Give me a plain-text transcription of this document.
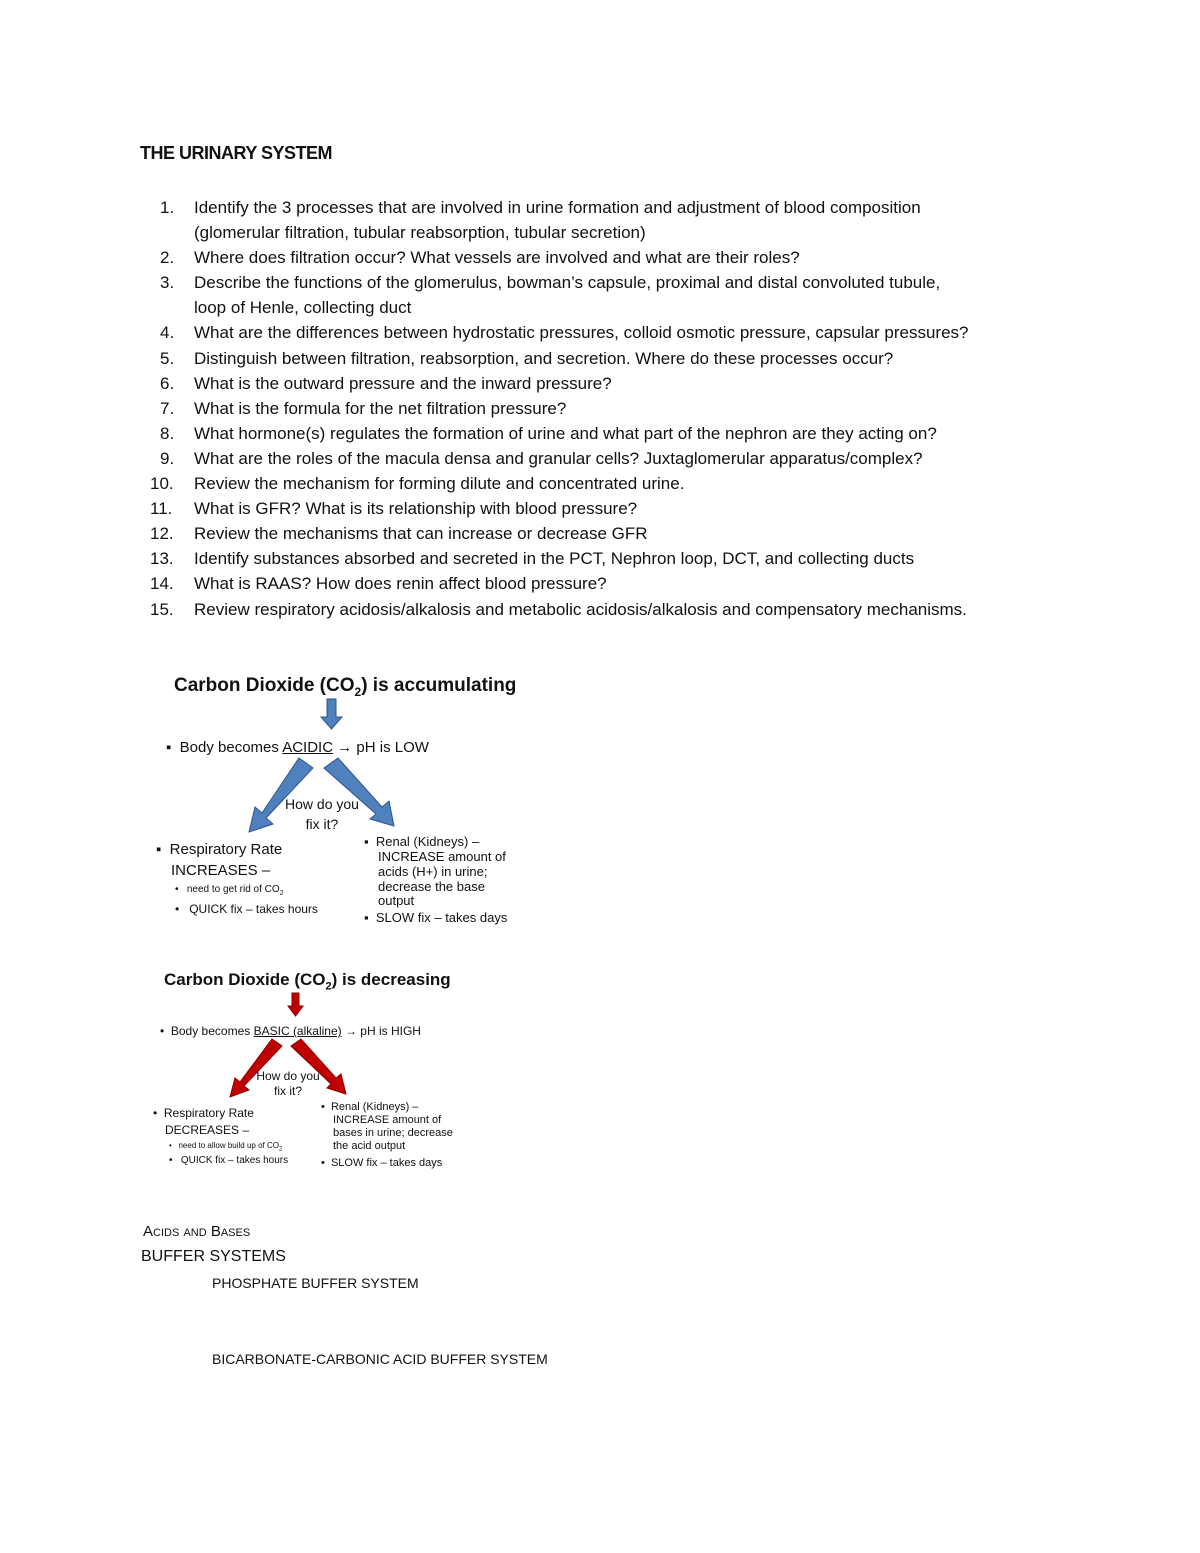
THE URINARY SYSTEM
1.	Identify the 3 processes that are involved in urine formation and adjustment of blood composition
(glomerular filtration, tubular reabsorption, tubular secretion)
2.	Where does filtration occur? What vessels are involved and what are their roles?
3.	Describe the functions of the glomerulus, bowman’s capsule, proximal and distal convoluted tubule,
loop of Henle, collecting duct
4.	What are the differences between hydrostatic pressures, colloid osmotic pressure, capsular pressures?
5.	Distinguish between filtration, reabsorption, and secretion. Where do these processes occur?
6.	What is the outward pressure and the inward pressure?
7.	What is the formula for the net filtration pressure?
8.	What hormone(s) regulates the formation of urine and what part of the nephron are they acting on?
9.	What are the roles of the macula densa and granular cells? Juxtaglomerular apparatus/complex?
10.	Review the mechanism for forming dilute and concentrated urine.
11.	What is GFR? What is its relationship with blood pressure?
12.	Review the mechanisms that can increase or decrease GFR
13.	Identify substances absorbed and secreted in the PCT, Nephron loop, DCT, and collecting ducts
14.	What is RAAS? How does renin affect blood pressure?
15.	Review respiratory acidosis/alkalosis and metabolic acidosis/alkalosis and compensatory mechanisms.
Carbon Dioxide $(CO_2)$ is accumulating
▪  Body becomes ACIDIC → pH is LOW
How do you
fix it?
▪  Respiratory Rate
INCREASES –
•   need to get rid of $CO_2$
•   QUICK fix – takes hours
▪  Renal (Kidneys) –
INCREASE amount of
acids (H+) in urine;
decrease the base
output
▪  SLOW fix – takes days
Carbon Dioxide $(CO_2)$ is decreasing
•  Body becomes BASIC (alkaline) → pH is HIGH
How do you
fix it?
•  Respiratory Rate
DECREASES –
•   need to allow build up of $CO_2$
•   QUICK fix – takes hours
•  Renal (Kidneys) –
INCREASE amount of
bases in urine; decrease
the acid output
•  SLOW fix – takes days
Acids and Bases
BUFFER SYSTEMS
PHOSPHATE BUFFER SYSTEM
BICARBONATE-CARBONIC ACID BUFFER SYSTEM
